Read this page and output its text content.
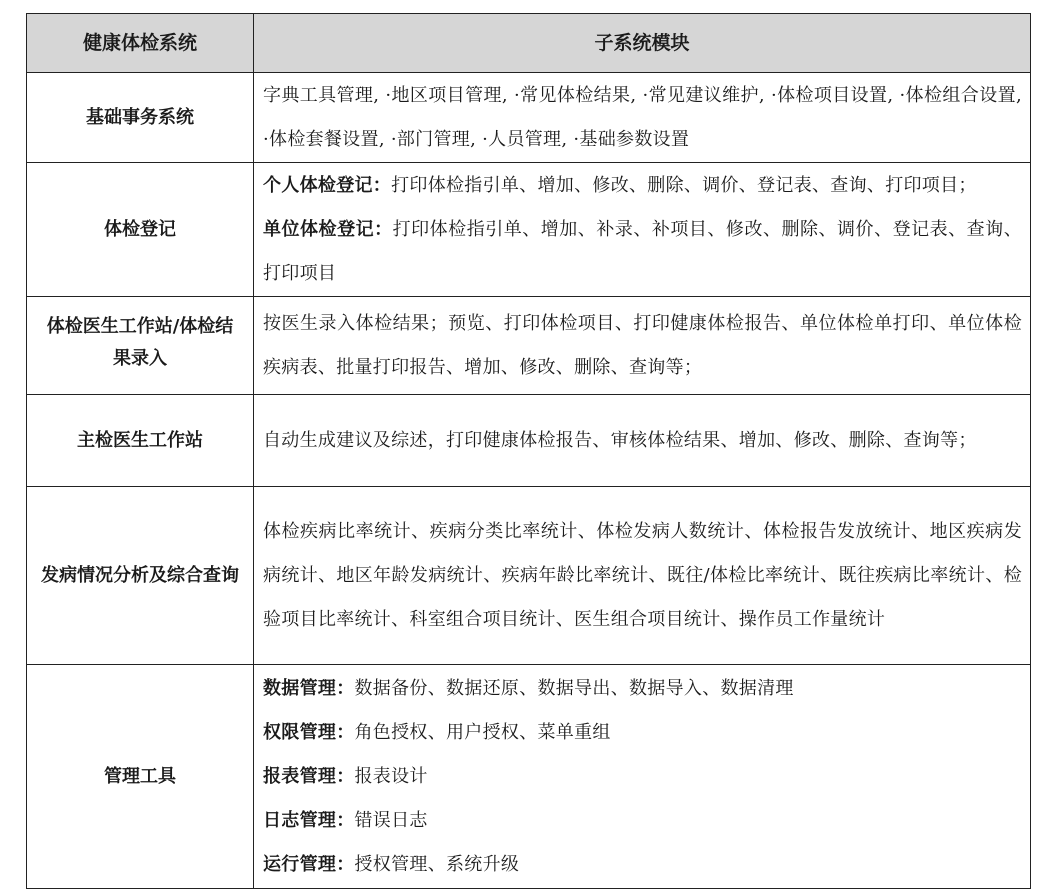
健康体检系统	子系统模块
基础事务系统	字典工具管理, ·地区项目管理, ·常见体检结果, ·常见建议维护, ·体检项目设置, ·体检组合设置, ·体检套餐设置, ·部门管理, ·人员管理, ·基础参数设置
体检登记	个人体检登记：打印体检指引单、增加、修改、删除、调价、登记表、查询、打印项目；
单位体检登记：打印体检指引单、增加、补录、补项目、修改、删除、调价、登记表、查询、打印项目
体检医生工作站/体检结果录入	按医生录入体检结果；预览、打印体检项目、打印健康体检报告、单位体检单打印、单位体检疾病表、批量打印报告、增加、修改、删除、查询等；
主检医生工作站	自动生成建议及综述，打印健康体检报告、审核体检结果、增加、修改、删除、查询等；
发病情况分析及综合查询	体检疾病比率统计、疾病分类比率统计、体检发病人数统计、体检报告发放统计、地区疾病发病统计、地区年龄发病统计、疾病年龄比率统计、既往/体检比率统计、既往疾病比率统计、检验项目比率统计、科室组合项目统计、医生组合项目统计、操作员工作量统计
管理工具	数据管理：数据备份、数据还原、数据导出、数据导入、数据清理
权限管理：角色授权、用户授权、菜单重组
报表管理：报表设计
日志管理：错误日志
运行管理：授权管理、系统升级
